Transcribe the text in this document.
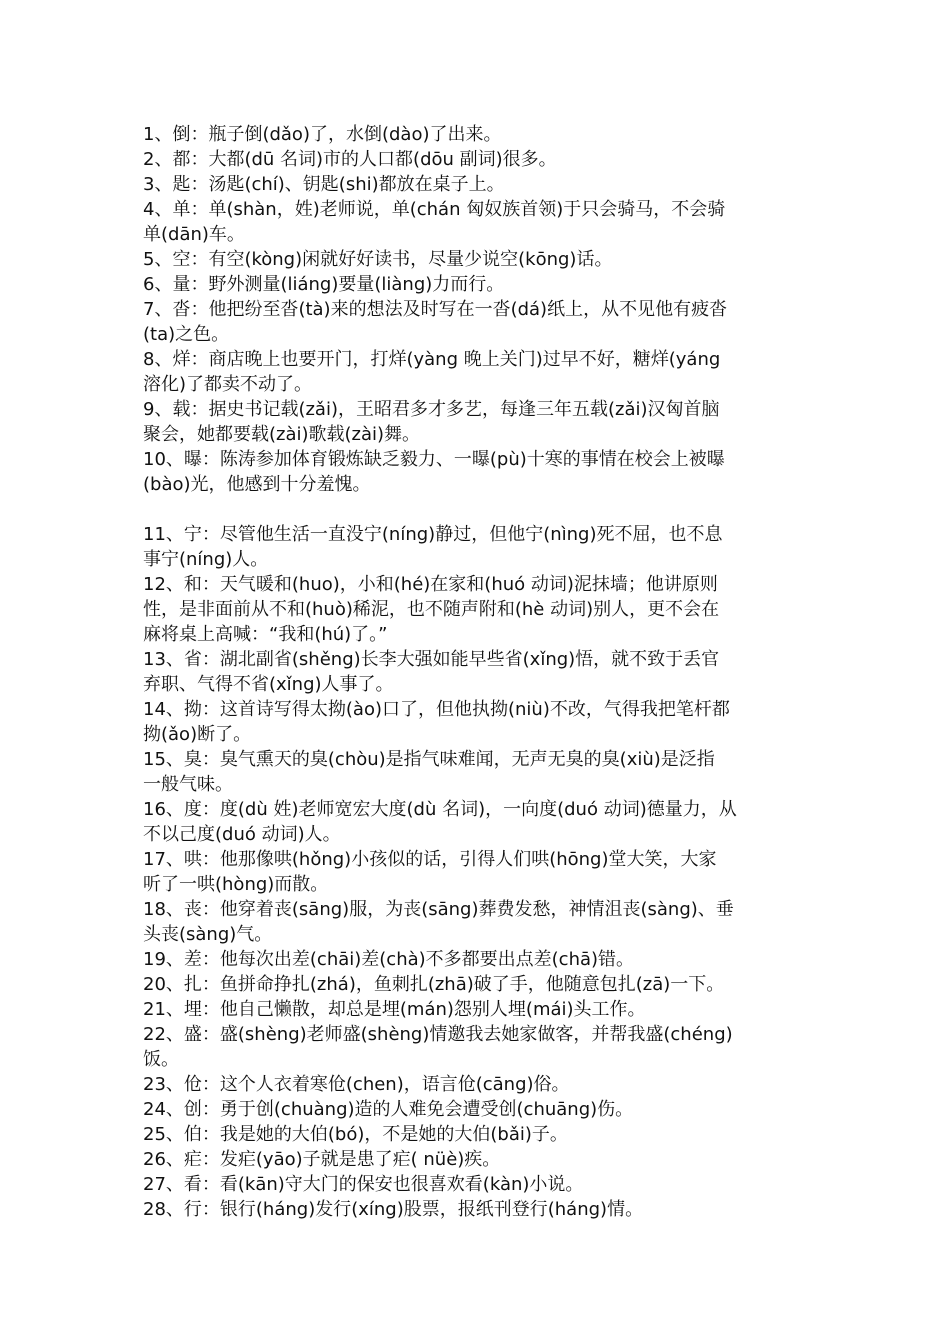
1、倒：瓶子倒(dǎo)了，水倒(dào)了出来。
2、都：大都(dū 名词)市的人口都(dōu 副词)很多。
3、匙：汤匙(chí)、钥匙(shi)都放在桌子上。
4、单：单(shàn，姓)老师说，单(chán 匈奴族首领)于只会骑马，不会骑
单(dān)车。
5、空：有空(kòng)闲就好好读书，尽量少说空(kōng)话。
6、量：野外测量(liáng)要量(liàng)力而行。
7、沓：他把纷至沓(tà)来的想法及时写在一沓(dá)纸上，从不见他有疲沓
(ta)之色。
8、烊：商店晚上也要开门，打烊(yàng 晚上关门)过早不好，糖烊(yáng
溶化)了都卖不动了。
9、载：据史书记载(zǎi)，王昭君多才多艺，每逢三年五载(zǎi)汉匈首脑
聚会，她都要载(zài)歌载(zài)舞。
10、曝：陈涛参加体育锻炼缺乏毅力、一曝(pù)十寒的事情在校会上被曝
(bào)光，他感到十分羞愧。
11、宁：尽管他生活一直没宁(níng)静过，但他宁(nìng)死不屈，也不息
事宁(níng)人。
12、和：天气暖和(huo)，小和(hé)在家和(huó 动词)泥抹墙；他讲原则
性，是非面前从不和(huò)稀泥，也不随声附和(hè 动词)别人，更不会在
麻将桌上高喊：“我和(hú)了。”
13、省：湖北副省(shěng)长李大强如能早些省(xǐng)悟，就不致于丢官
弃职、气得不省(xǐng)人事了。
14、拗：这首诗写得太拗(ào)口了，但他执拗(niù)不改，气得我把笔杆都
拗(ǎo)断了。
15、臭：臭气熏天的臭(chòu)是指气味难闻，无声无臭的臭(xiù)是泛指
一般气味。
16、度：度(dù 姓)老师宽宏大度(dù 名词)，一向度(duó 动词)德量力，从
不以己度(duó 动词)人。
17、哄：他那像哄(hǒng)小孩似的话，引得人们哄(hōng)堂大笑，大家
听了一哄(hòng)而散。
18、丧：他穿着丧(sāng)服，为丧(sāng)葬费发愁，神情沮丧(sàng)、垂
头丧(sàng)气。
19、差：他每次出差(chāi)差(chà)不多都要出点差(chā)错。
20、扎：鱼拼命挣扎(zhá)，鱼刺扎(zhā)破了手，他随意包扎(zā)一下。
21、埋：他自己懒散，却总是埋(mán)怨别人埋(mái)头工作。
22、盛：盛(shèng)老师盛(shèng)情邀我去她家做客，并帮我盛(chéng)
饭。
23、伧：这个人衣着寒伧(chen)，语言伧(cāng)俗。
24、创：勇于创(chuàng)造的人难免会遭受创(chuāng)伤。
25、伯：我是她的大伯(bó)，不是她的大伯(bǎi)子。
26、疟：发疟(yāo)子就是患了疟( nüè)疾。
27、看：看(kān)守大门的保安也很喜欢看(kàn)小说。
28、行：银行(háng)发行(xíng)股票，报纸刊登行(háng)情。
